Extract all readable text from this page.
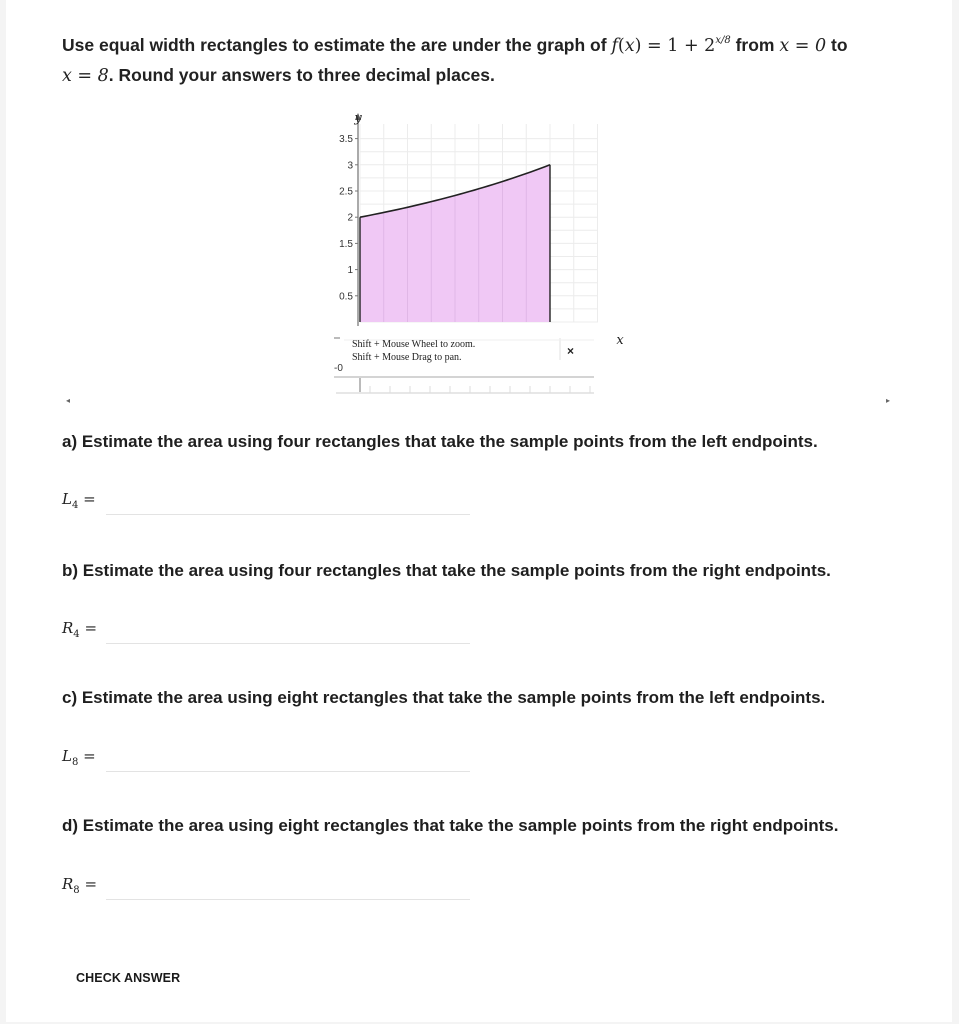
Use equal width rectangles to estimate the are under the graph of $f(x) = 1 + 2^{x/8}$ from x = 0 to
x = 8. Round your answers to three decimal places.
0.5
1
1.5
2
2.5
3
3.5
y
x
-0
Shift + Mouse Wheel to zoom.
Shift + Mouse Drag to pan.	×
◂	▸
a) Estimate the area using four rectangles that take the sample points from the left endpoints.
$L_4$ =
b) Estimate the area using four rectangles that take the sample points from the right endpoints.
$R_4$ =
c) Estimate the area using eight rectangles that take the sample points from the left endpoints.
$L_8$ =
d) Estimate the area using eight rectangles that take the sample points from the right endpoints.
$R_8$ =
CHECK ANSWER
